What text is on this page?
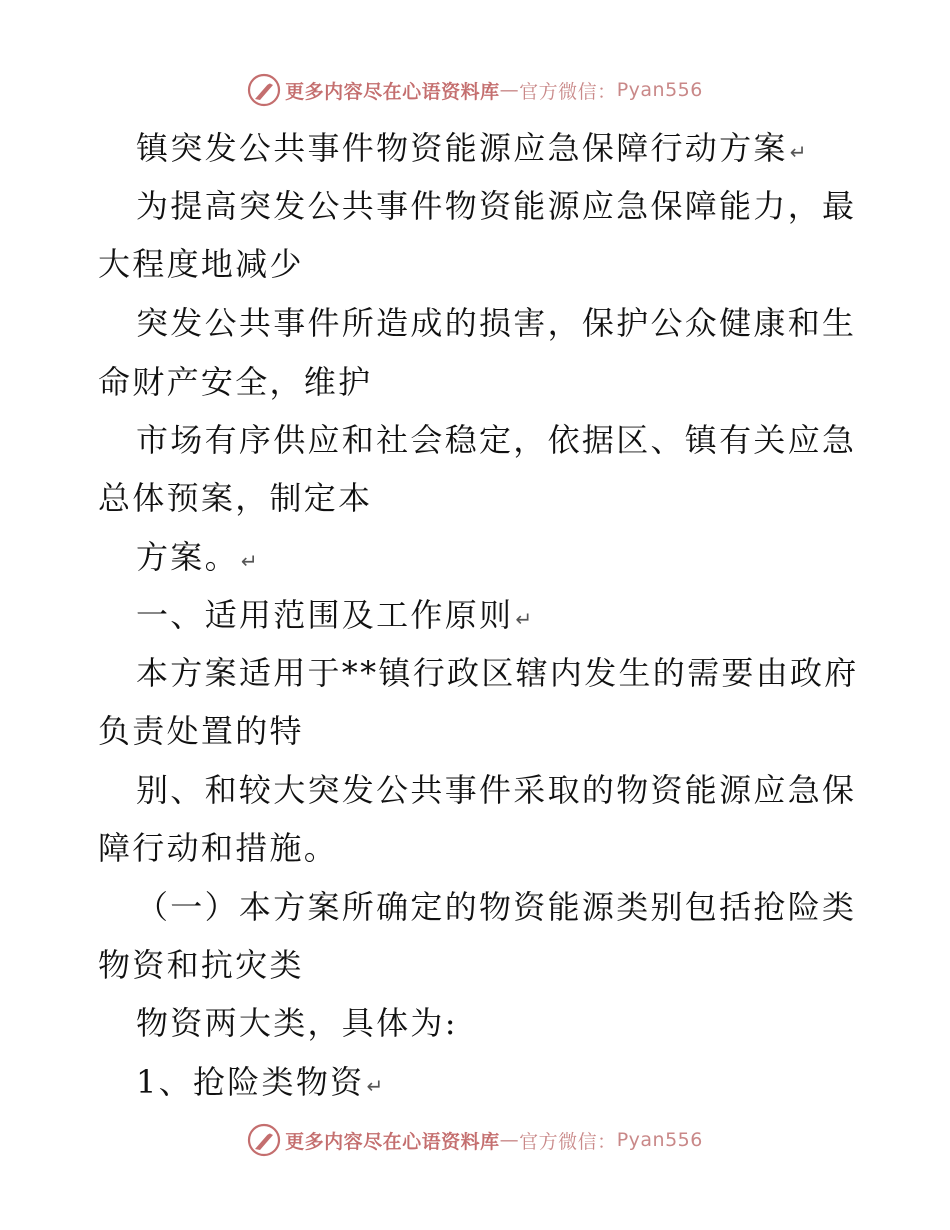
更多内容尽在心语资料库 — 官方微信： Pyan556
镇突发公共事件物资能源应急保障行动方案 ↵
为提高突发公共事件物资能源应急保障能力，最
大程度地减少
突发公共事件所造成的损害，保护公众健康和生
命财产安全，维护
市场有序供应和社会稳定，依据区、镇有关应急
总体预案，制定本
方案。 ↵
一、适用范围及工作原则 ↵
本方案适用于**镇行政区辖内发生的需要由政府
负责处置的特
别、和较大突发公共事件采取的物资能源应急保
障行动和措施。
（一）本方案所确定的物资能源类别包括抢险类
物资和抗灾类
物资两大类，具体为:
1、抢险类物资 ↵
更多内容尽在心语资料库 — 官方微信： Pyan556
